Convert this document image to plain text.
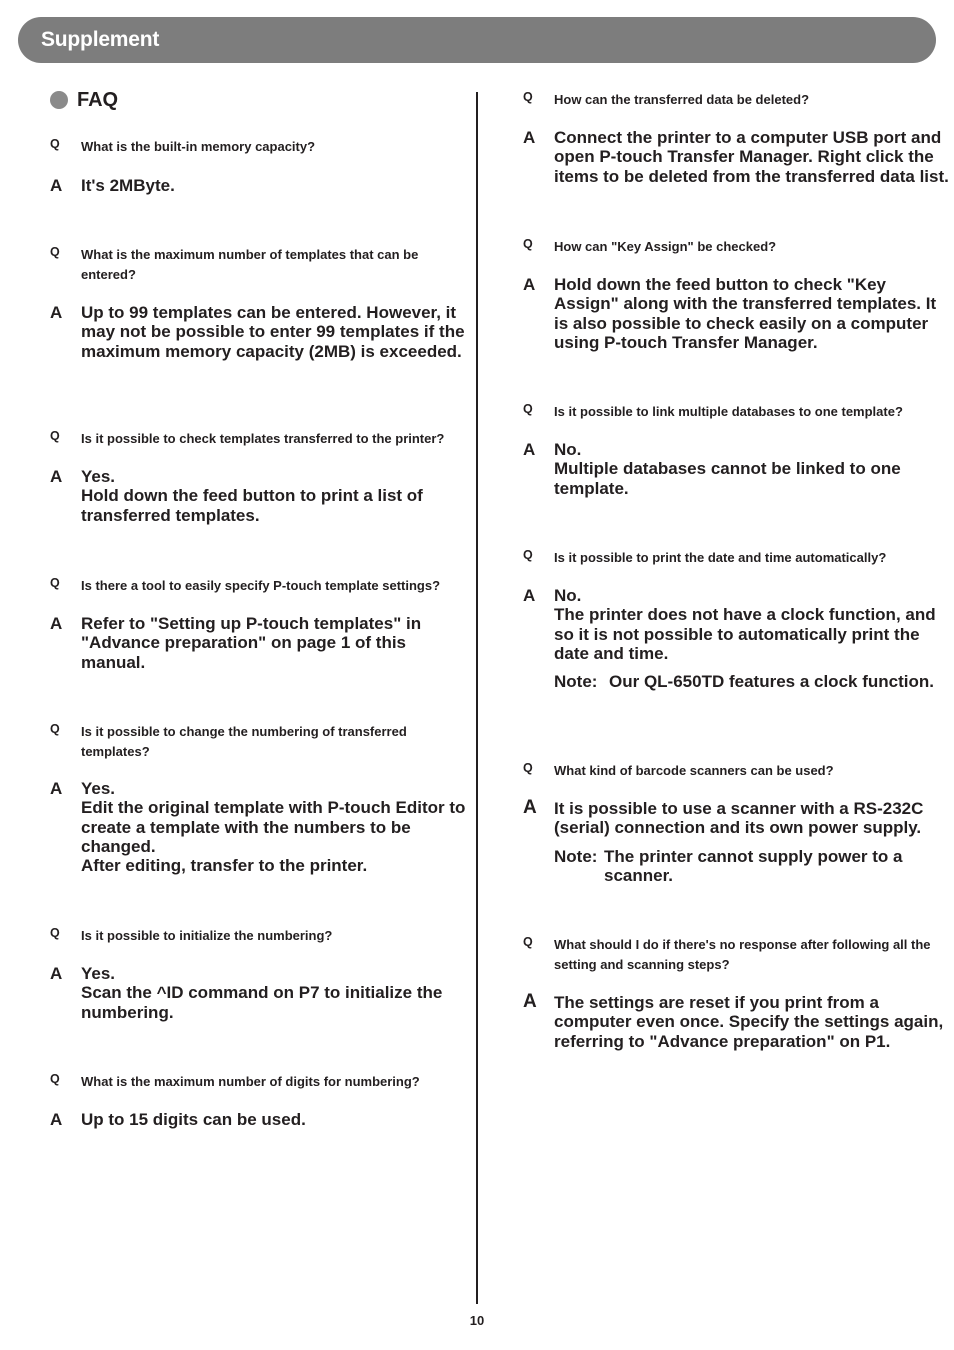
Supplement
FAQ
Q What is the built-in memory capacity?
A It's 2MByte.
Q What is the maximum number of templates that can be entered?
A Up to 99 templates can be entered. However, it may not be possible to enter 99 templates if the maximum memory capacity (2MB) is exceeded.
Q Is it possible to check templates transferred to the printer?
A Yes.
Hold down the feed button to print a list of transferred templates.
Q Is there a tool to easily specify P-touch template settings?
A Refer to "Setting up P-touch templates" in "Advance preparation" on page 1 of this manual.
Q Is it possible to change the numbering of transferred templates?
A Yes.
Edit the original template with P-touch Editor to create a template with the numbers to be changed.
After editing, transfer to the printer.
Q Is it possible to initialize the numbering?
A Yes.
Scan the ^ID command on P7 to initialize the numbering.
Q What is the maximum number of digits for numbering?
A Up to 15 digits can be used.
Q How can the transferred data be deleted?
A Connect the printer to a computer USB port and open P-touch Transfer Manager. Right click the items to be deleted from the transferred data list.
Q How can "Key Assign" be checked?
A Hold down the feed button to check "Key Assign" along with the transferred templates. It is also possible to check easily on a computer using P-touch Transfer Manager.
Q Is it possible to link multiple databases to one template?
A No.
Multiple databases cannot be linked to one template.
Q Is it possible to print the date and time automatically?
A No.
The printer does not have a clock function, and so it is not possible to automatically print the date and time.
Note: Our QL-650TD features a clock function.
Q What kind of barcode scanners can be used?
A It is possible to use a scanner with a RS-232C (serial) connection and its own power supply.
Note: The printer cannot supply power to a scanner.
Q What should I do if there's no response after following all the setting and scanning steps?
A The settings are reset if you print from a computer even once. Specify the settings again, referring to "Advance preparation" on P1.
10
